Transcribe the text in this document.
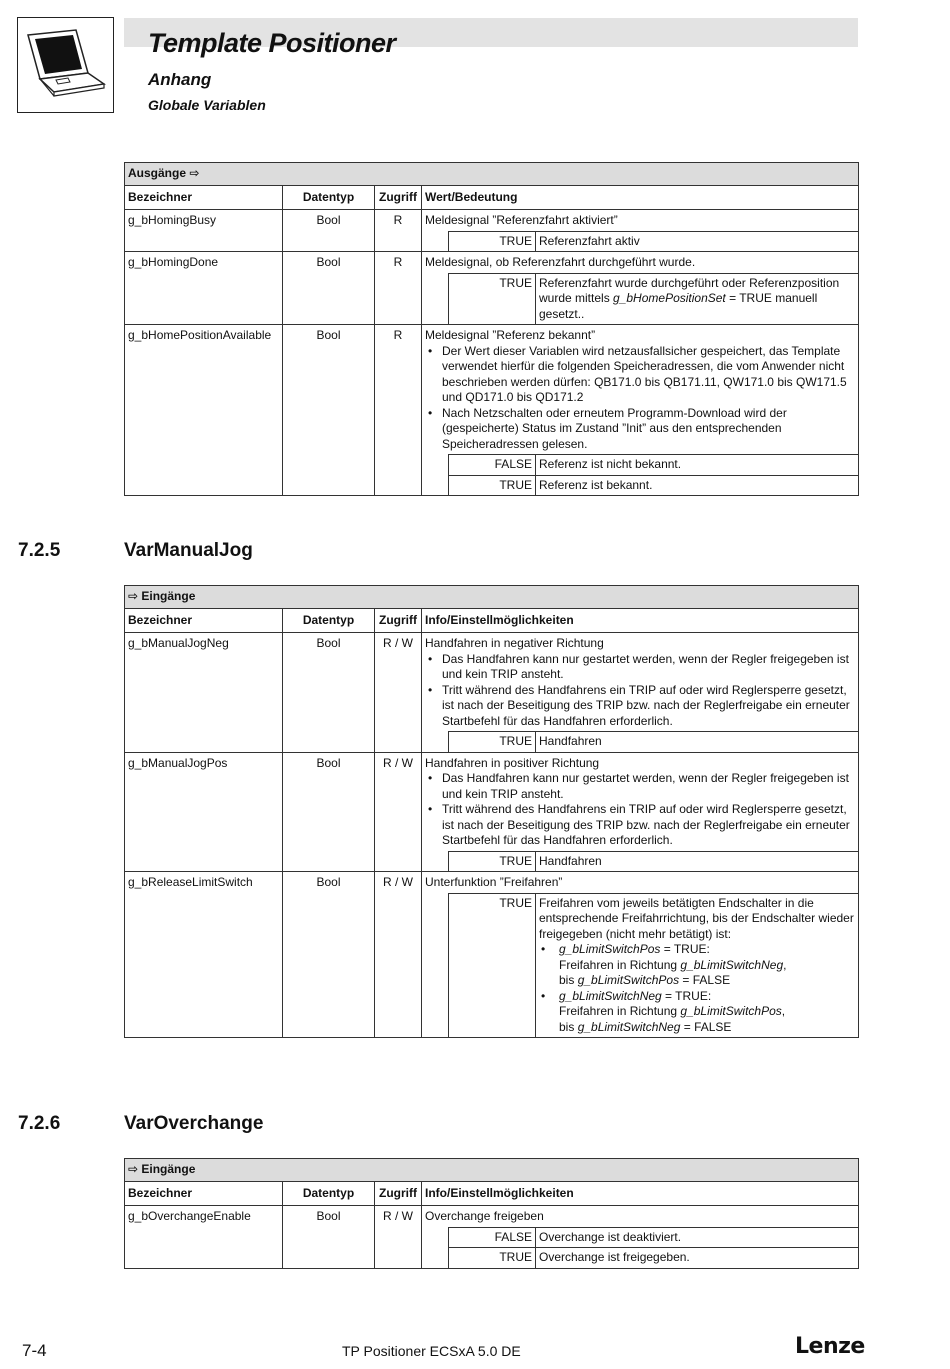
Template Positioner
Anhang
Globale Variablen
Ausgänge ⇨
Bezeichner	Datentyp	Zugriff	Wert/Bedeutung
g_bHomingBusy	Bool	R	Meldesignal ”Referenzfahrt aktiviert”
	TRUE	Referenzfahrt aktiv

g_bHomingDone	Bool	R	Meldesignal, ob Referenzfahrt durchgeführt wurde.
	TRUE	Referenzfahrt wurde durchgeführt oder Referenzposition wurde mittels g_bHomePositionSet = TRUE manuell gesetzt..

g_bHomePositionAvailable	Bool	R	Meldesignal ”Referenz bekannt”
• Der Wert dieser Variablen wird netzausfallsicher gespeichert, das Template verwendet hierfür die folgenden Speicheradressen, die vom Anwender nicht beschrieben werden dürfen: QB171.0 bis QB171.11, QW171.0 bis QW171.5 und QD171.0 bis QD171.2
• Nach Netzschalten oder erneutem Programm-Download wird der (gespeicherte) Status im Zustand ”Init” aus den entsprechenden Speicheradressen gelesen.
	FALSE	Referenz ist nicht bekannt.
	TRUE	Referenz ist bekannt.
7.2.5	VarManualJog
⇨ Eingänge
Bezeichner	Datentyp	Zugriff	Info/Einstellmöglichkeiten
g_bManualJogNeg	Bool	R / W	Handfahren in negativer Richtung
• Das Handfahren kann nur gestartet werden, wenn der Regler freigegeben ist und kein TRIP ansteht.
• Tritt während des Handfahrens ein TRIP auf oder wird Reglersperre gesetzt, ist nach der Beseitigung des TRIP bzw. nach der Reglerfreigabe ein erneuter Startbefehl für das Handfahren erforderlich.
	TRUE	Handfahren

g_bManualJogPos	Bool	R / W	Handfahren in positiver Richtung
• Das Handfahren kann nur gestartet werden, wenn der Regler freigegeben ist und kein TRIP ansteht.
• Tritt während des Handfahrens ein TRIP auf oder wird Reglersperre gesetzt, ist nach der Beseitigung des TRIP bzw. nach der Reglerfreigabe ein erneuter Startbefehl für das Handfahren erforderlich.
	TRUE	Handfahren

g_bReleaseLimitSwitch	Bool	R / W	Unterfunktion ”Freifahren”
	TRUE	Freifahren vom jeweils betätigten Endschalter in die entsprechende Freifahrrichtung, bis der Endschalter wieder freigegeben (nicht mehr betätigt) ist:
• g_bLimitSwitchPos = TRUE:
Freifahren in Richtung g_bLimitSwitchNeg,
bis g_bLimitSwitchPos = FALSE
• g_bLimitSwitchNeg = TRUE:
Freifahren in Richtung g_bLimitSwitchPos,
bis g_bLimitSwitchNeg = FALSE
7.2.6	VarOverchange
⇨ Eingänge
Bezeichner	Datentyp	Zugriff	Info/Einstellmöglichkeiten
g_bOverchangeEnable	Bool	R / W	Overchange freigeben
	FALSE	Overchange ist deaktiviert.
	TRUE	Overchange ist freigegeben.
7-4	TP Positioner ECSxA 5.0 DE	Lenze
